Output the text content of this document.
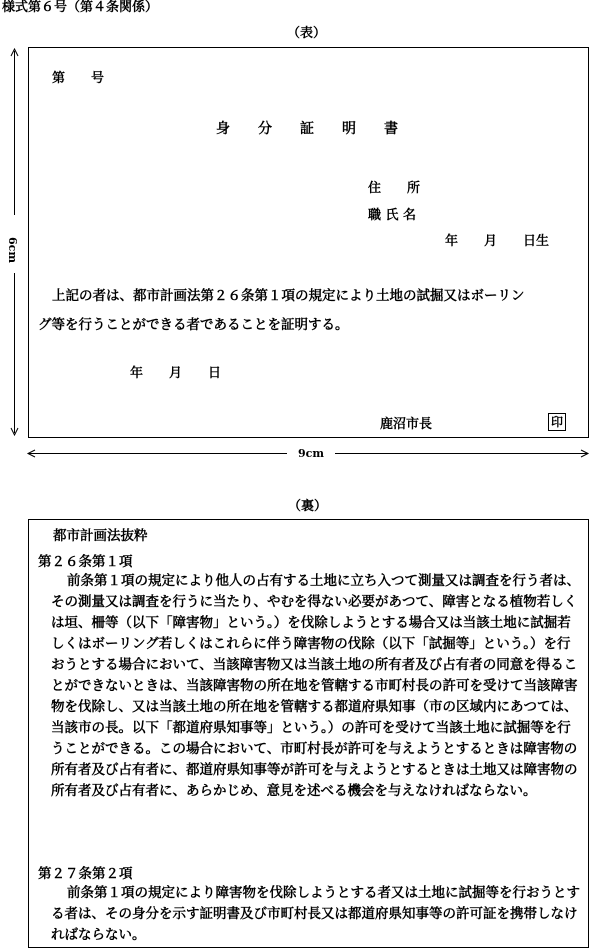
様式第６号（第４条関係）
（表）
6cm
第　　号
身　　分　　証　　明　　書
住　　所
職 氏 名
年　　月　　日生
上記の者は、都市計画法第２６条第１項の規定により土地の試掘又はボーリン
グ等を行うことができる者であることを証明する。
年　　月　　日
鹿沼市長	印
9cm
（裏）
都市計画法抜粋
第２６条第１項
前条第１項の規定により他人の占有する土地に立ち入つて測量又は調査を行う者は、その測量又は調査を行うに当たり、やむを得ない必要があつて、障害となる植物若しくは垣、柵等（以下「障害物」という。）を伐除しようとする場合又は当該土地に試掘若しくはボーリング若しくはこれらに伴う障害物の伐除（以下「試掘等」という。）を行おうとする場合において、当該障害物又は当該土地の所有者及び占有者の同意を得ることができないときは、当該障害物の所在地を管轄する市町村長の許可を受けて当該障害物を伐除し、又は当該土地の所在地を管轄する都道府県知事（市の区域内にあつては、当該市の長。以下「都道府県知事等」という。）の許可を受けて当該土地に試掘等を行うことができる。この場合において、市町村長が許可を与えようとするときは障害物の所有者及び占有者に、都道府県知事等が許可を与えようとするときは土地又は障害物の所有者及び占有者に、あらかじめ、意見を述べる機会を与えなければならない。
第２７条第２項
前条第１項の規定により障害物を伐除しようとする者又は土地に試掘等を行おうとする者は、その身分を示す証明書及び市町村長又は都道府県知事等の許可証を携帯しなければならない。
